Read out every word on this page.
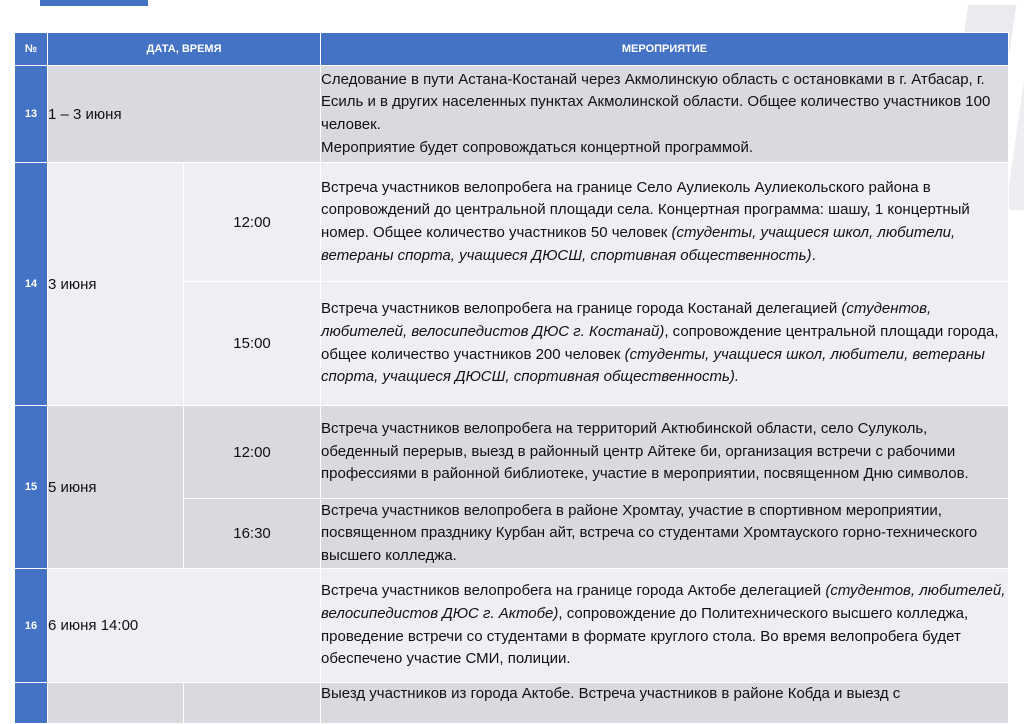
№	ДАТА, ВРЕМЯ		МЕРОПРИЯТИЕ
13	1 – 3 июня		Следование в пути Астана-Костанай через Акмолинскую область с остановками в г. Атбасар, г. Есиль и в других населенных пунктах Акмолинской области. Общее количество участников 100 человек.
Мероприятие будет сопровождаться концертной программой.

14	3 июня	12:00	Встреча участников велопробега на границе Село Аулиеколь Аулиекольского района в сопровождений до центральной площади села. Концертная программа: шашу, 1 концертный номер. Общее количество участников 50 человек (студенты, учащиеся школ, любители, ветераны спорта, учащиеся ДЮСШ, спортивная общественность).
		15:00	Встреча участников велопробега на границе города Костанай делегацией (студентов, любителей, велосипедистов ДЮС г. Костанай), сопровождение центральной площади города, общее количество участников 200 человек (студенты, учащиеся школ, любители, ветераны спорта, учащиеся ДЮСШ, спортивная общественность).
15	5 июня	12:00	Встреча участников велопробега на территорий Актюбинской области, село Сулуколь, обеденный перерыв, выезд в районный центр Айтеке би, организация встречи с рабочими профессиями в районной библиотеке, участие в мероприятии, посвященном Дню символов.
		16:30	Встреча участников велопробега в районе Хромтау, участие в спортивном мероприятии, посвященном празднику Курбан айт, встреча со студентами Хромтауского горно-технического высшего колледжа.
16	6 июня 14:00		Встреча участников велопробега на границе города Актобе делегацией (студентов, любителей, велосипедистов ДЮС г. Актобе), сопровождение до Политехнического высшего колледжа, проведение встречи со студентами в формате круглого стола. Во время велопробега будет обеспечено участие СМИ, полиции.
			Выезд участников из города Актобе. Встреча участников в районе Кобда и выезд с
